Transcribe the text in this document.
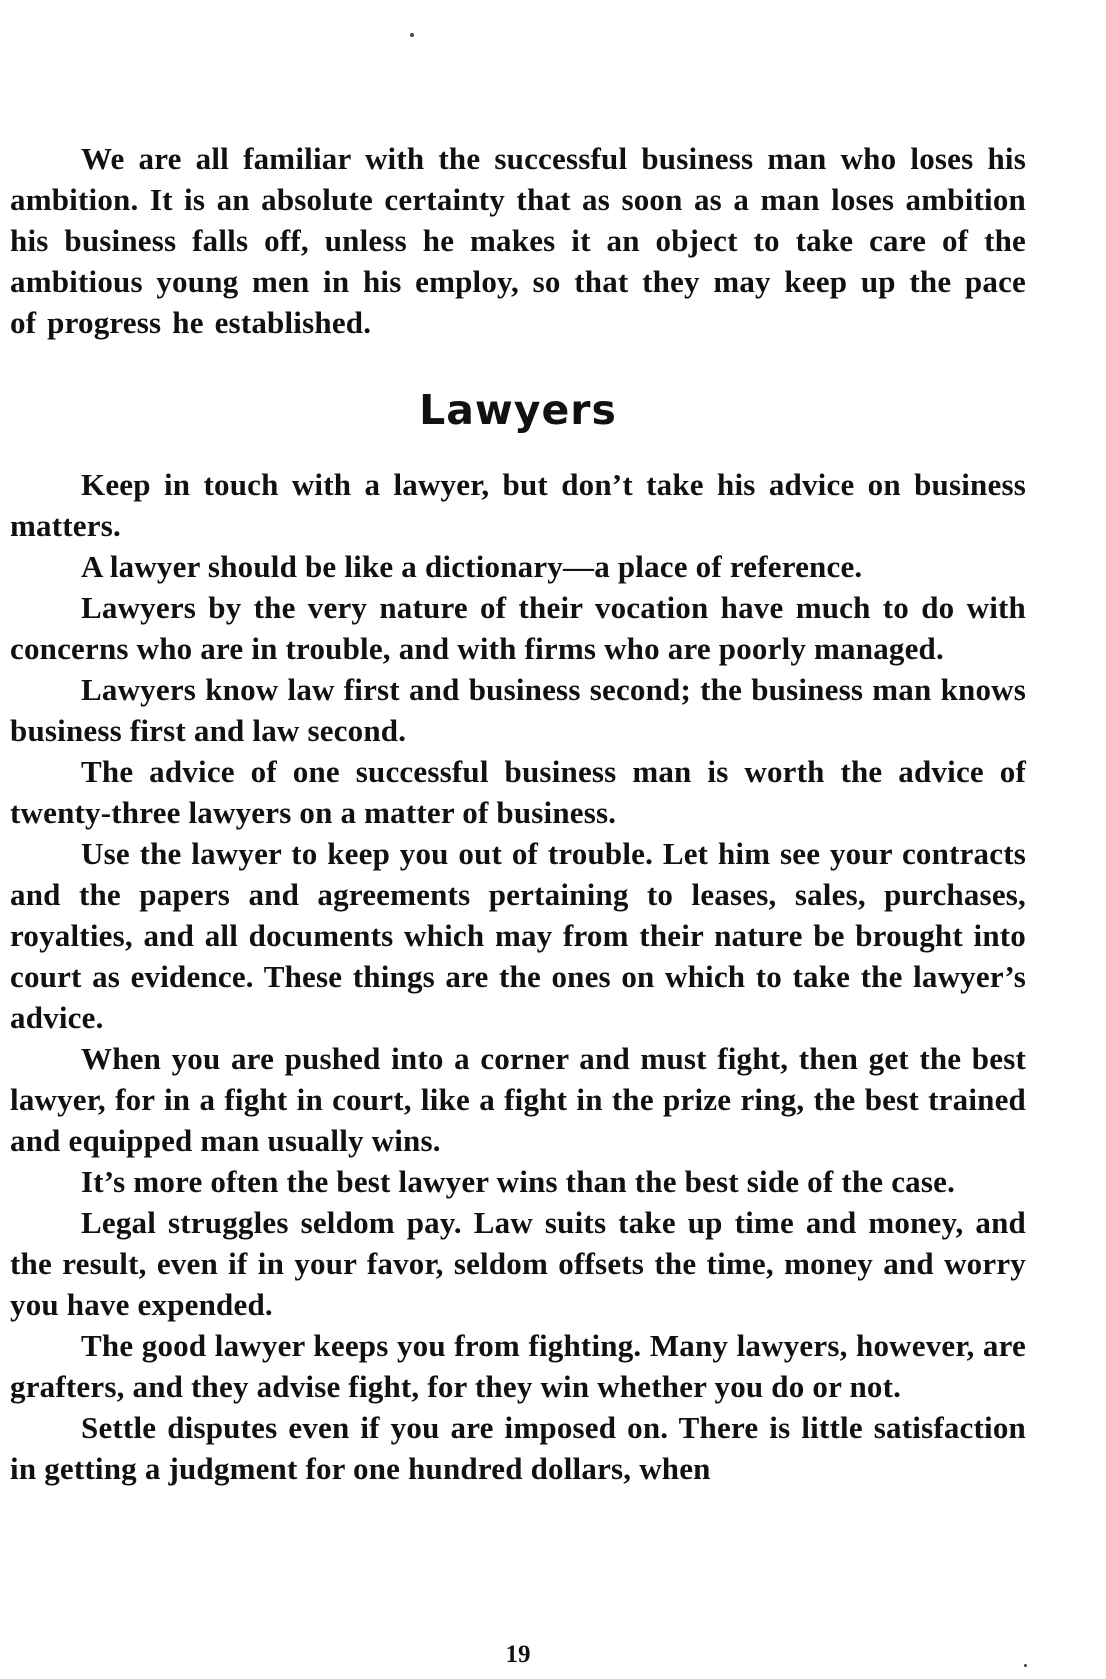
We are all familiar with the successful business man who loses his ambition. It is an absolute certainty that as soon as a man loses ambition his business falls off, unless he makes it an object to take care of the ambitious young men in his employ, so that they may keep up the pace of progress he established.

Lawyers

Keep in touch with a lawyer, but don’t take his advice on business matters.

A lawyer should be like a dictionary—a place of reference.

Lawyers by the very nature of their vocation have much to do with concerns who are in trouble, and with firms who are poorly managed.

Lawyers know law first and business second; the business man knows business first and law second.

The advice of one successful business man is worth the advice of twenty-three lawyers on a matter of business.

Use the lawyer to keep you out of trouble. Let him see your contracts and the papers and agreements pertaining to leases, sales, purchases, royalties, and all documents which may from their nature be brought into court as evidence. These things are the ones on which to take the lawyer’s advice.

When you are pushed into a corner and must fight, then get the best lawyer, for in a fight in court, like a fight in the prize ring, the best trained and equipped man usually wins.

It’s more often the best lawyer wins than the best side of the case.

Legal struggles seldom pay. Law suits take up time and money, and the result, even if in your favor, seldom offsets the time, money and worry you have expended.

The good lawyer keeps you from fighting. Many lawyers, however, are grafters, and they advise fight, for they win whether you do or not.

Settle disputes even if you are imposed on. There is little satisfaction in getting a judgment for one hundred dollars, when

19
